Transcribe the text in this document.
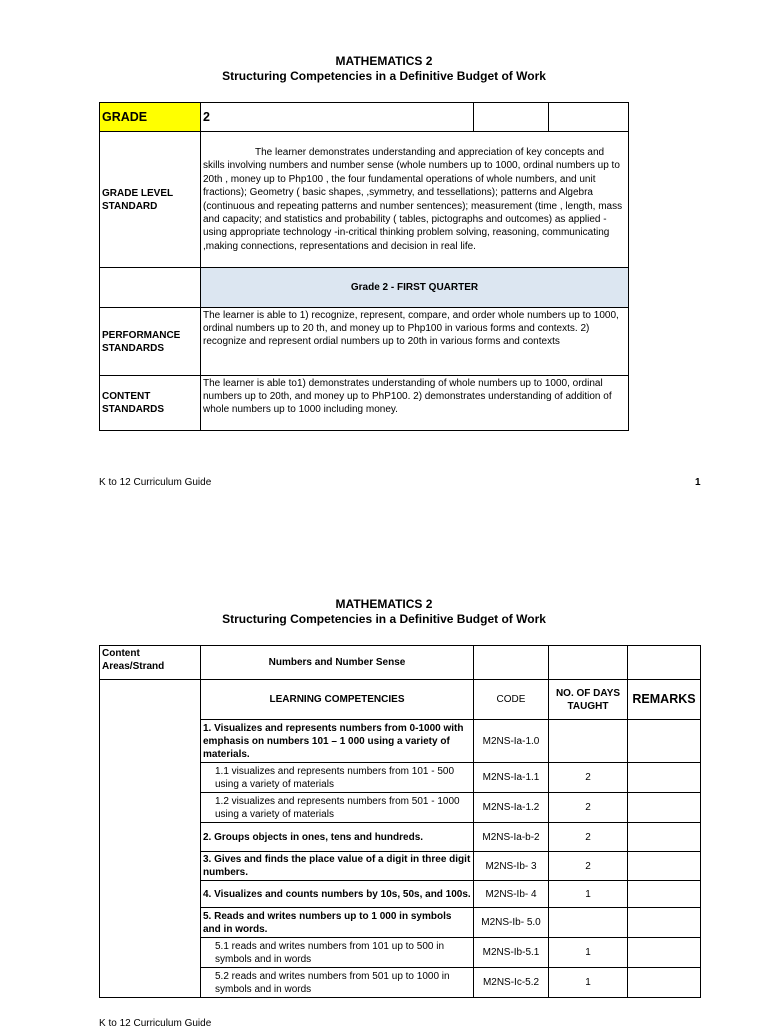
MATHEMATICS 2
Structuring Competencies in a Definitive Budget of Work
GRADE	2		
GRADE LEVEL STANDARD	The learner demonstrates understanding and appreciation of key concepts and skills involving numbers and number sense (whole numbers up to 1000, ordinal numbers up to 20th , money up to Php100 , the four fundamental operations of whole numbers, and unit fractions); Geometry ( basic shapes, ,symmetry, and tessellations); patterns and Algebra (continuous and repeating patterns and number sentences); measurement (time , length, mass and capacity; and statistics and probability ( tables, pictographs and outcomes) as applied -using appropriate technology -in-critical thinking problem solving, reasoning, communicating ,making connections, representations and decision in real life.		
	Grade 2 - FIRST QUARTER		
PERFORMANCE STANDARDS	The learner is able to 1) recognize, represent, compare, and order whole numbers up to 1000, ordinal numbers up to 20 th, and money up to Php100 in various forms and contexts. 2) recognize and represent ordial numbers up to 20th in various forms and contexts		
CONTENT STANDARDS	The learner is able to1) demonstrates understanding of whole numbers up to 1000, ordinal numbers up to 20th, and money up to PhP100. 2) demonstrates understanding of addition of whole numbers up to 1000 including money.		
K to 12 Curriculum Guide	1
MATHEMATICS 2
Structuring Competencies in a Definitive Budget of Work
Content Areas/Strand	Numbers and Number Sense			
	LEARNING COMPETENCIES	CODE	NO. OF DAYS TAUGHT	REMARKS
	1. Visualizes and represents numbers from 0-1000 with emphasis on numbers 101 – 1 000 using a variety of materials.	M2NS-Ia-1.0		
	1.1 visualizes and represents numbers from 101 - 500 using a variety of materials	M2NS-Ia-1.1	2	
	1.2 visualizes and represents numbers from 501 - 1000 using a variety of materials	M2NS-Ia-1.2	2	
	2. Groups objects in ones, tens and hundreds.	M2NS-Ia-b-2	2	
	3. Gives and finds the place value of a digit in three digit numbers.	M2NS-Ib- 3	2	
	4. Visualizes and counts numbers by 10s, 50s, and 100s.	M2NS-Ib- 4	1	
	5. Reads and writes numbers up to 1 000 in symbols and in words.	M2NS-Ib- 5.0		
	5.1 reads and writes numbers from 101 up to 500 in symbols and in words	M2NS-Ib-5.1	1	
	5.2 reads and writes numbers from 501 up to 1000 in symbols and in words	M2NS-Ic-5.2	1	
K to 12 Curriculum Guide
